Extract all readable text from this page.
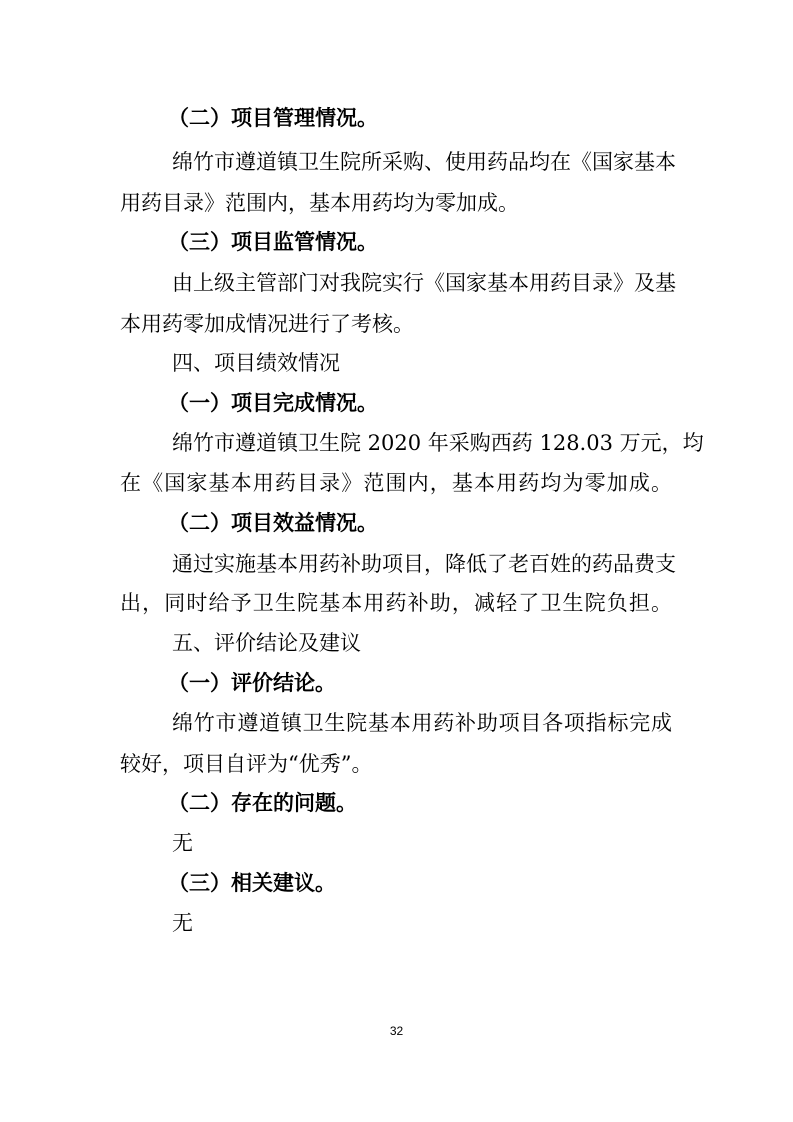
（二）项目管理情况。

绵竹市遵道镇卫生院所采购、使用药品均在《国家基本

用药目录》范围内，基本用药均为零加成。

（三）项目监管情况。

由上级主管部门对我院实行《国家基本用药目录》及基

本用药零加成情况进行了考核。

四、项目绩效情况

（一）项目完成情况。

绵竹市遵道镇卫生院 2020 年采购西药 128.03 万元，均

在《国家基本用药目录》范围内，基本用药均为零加成。

（二）项目效益情况。

通过实施基本用药补助项目，降低了老百姓的药品费支

出，同时给予卫生院基本用药补助，减轻了卫生院负担。

五、评价结论及建议

（一）评价结论。

绵竹市遵道镇卫生院基本用药补助项目各项指标完成

较好，项目自评为“优秀”。

（二）存在的问题。

无

（三）相关建议。

无

32
